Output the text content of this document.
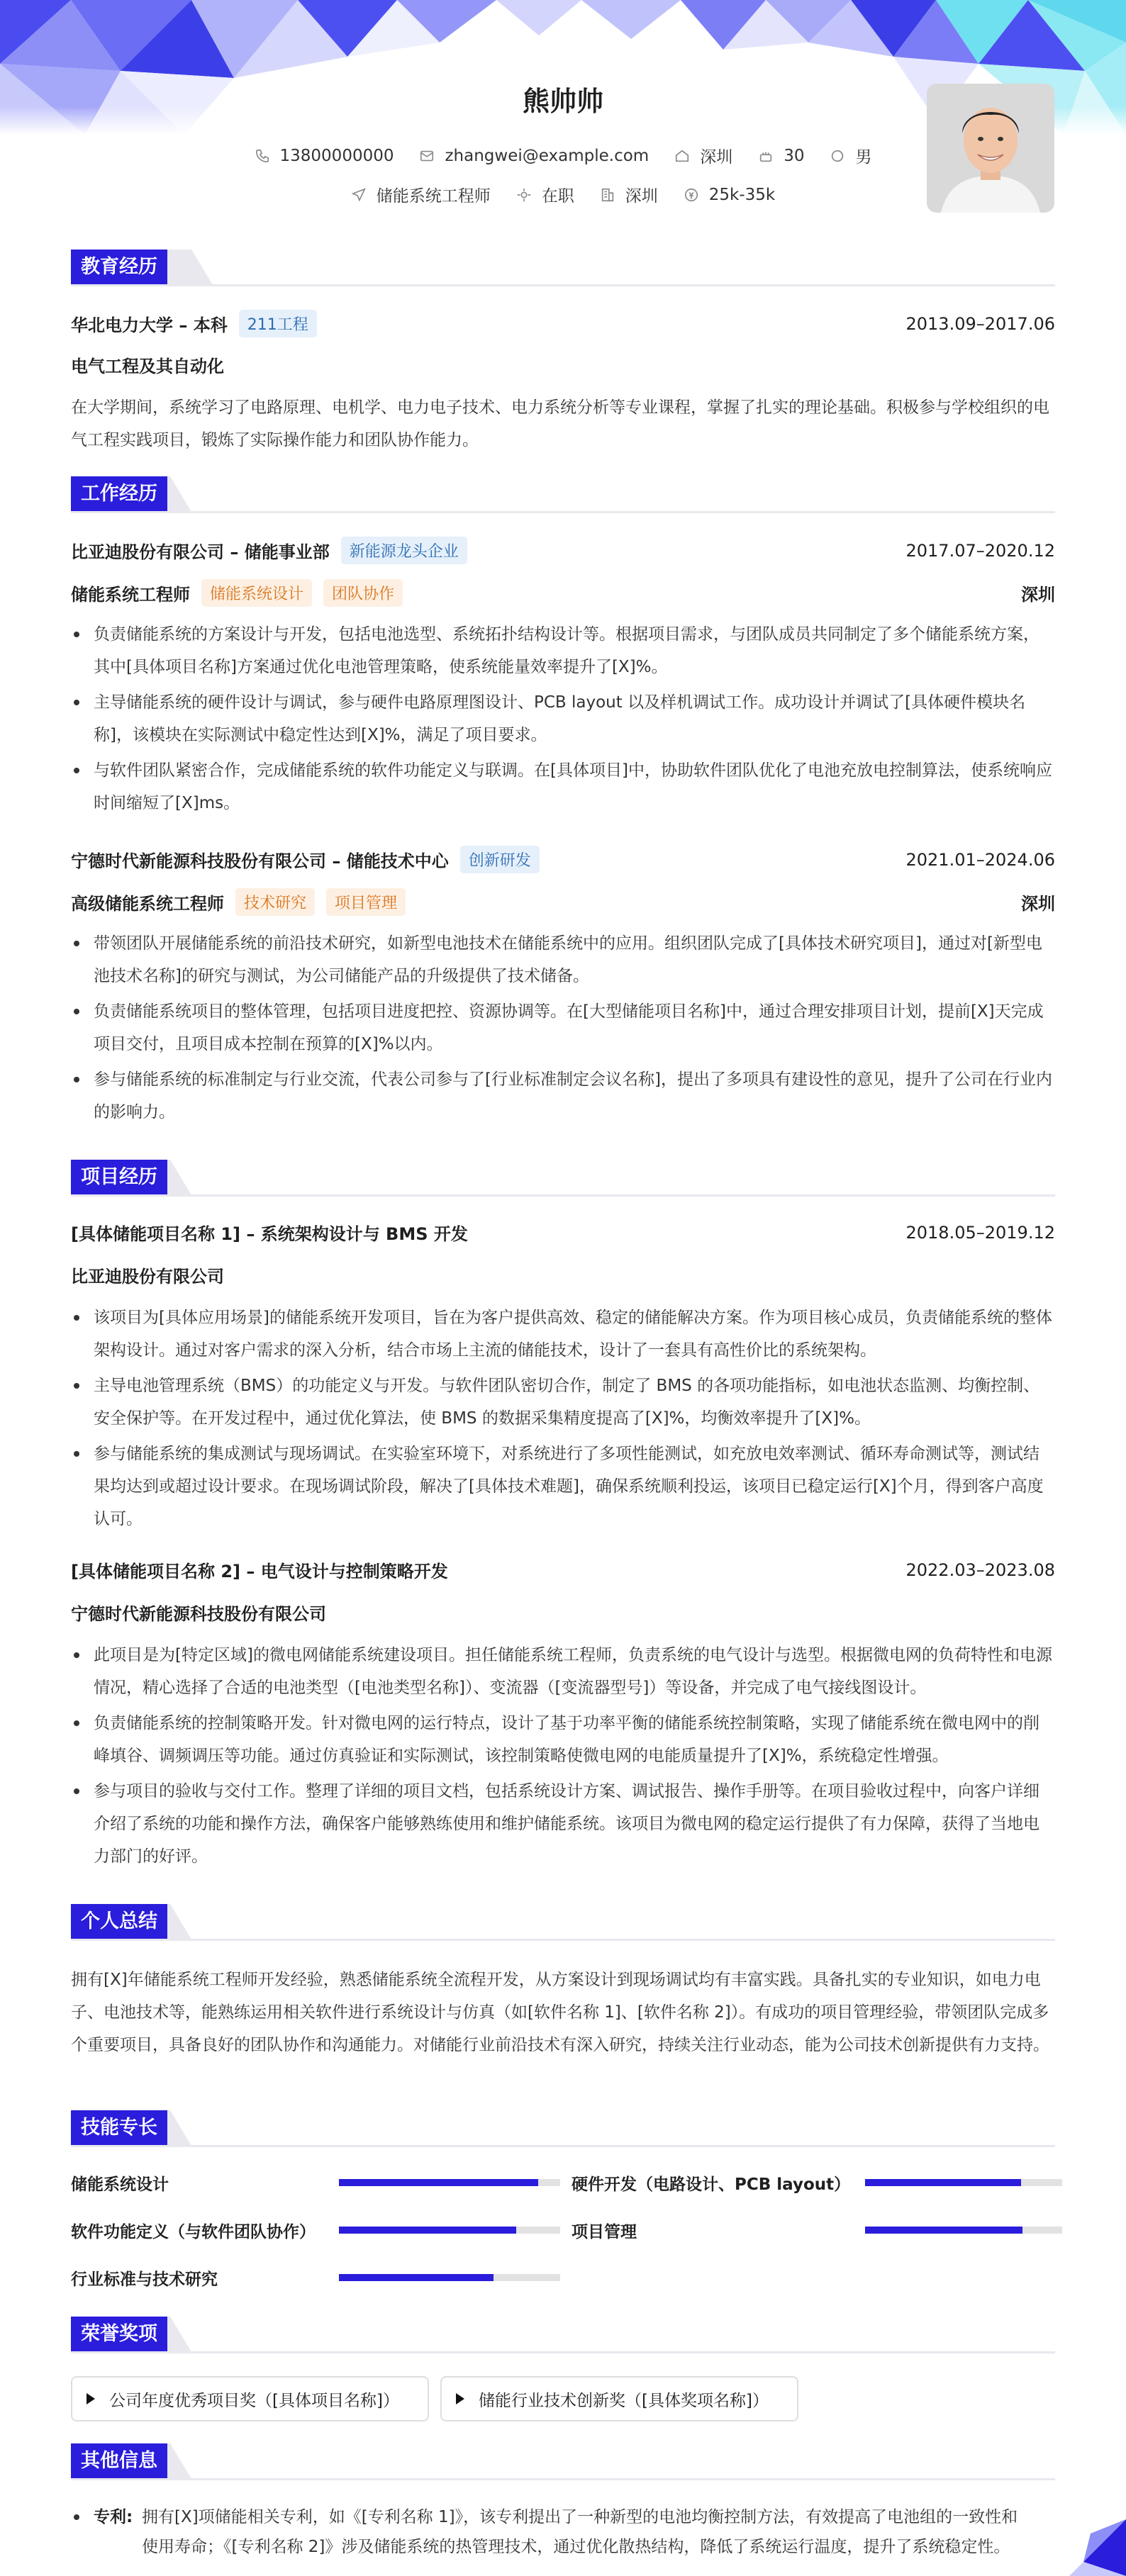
熊帅帅
13800000000	zhangwei@example.com	深圳	30	男
储能系统工程师	在职	深圳	25k-35k
教育经历
华北电力大学 – 本科	211工程	2013.09–2017.06
电气工程及其自动化
在大学期间，系统学习了电路原理、电机学、电力电子技术、电力系统分析等专业课程，掌握了扎实的理论基础。积极参与学校组织的电气工程实践项目，锻炼了实际操作能力和团队协作能力。
工作经历
比亚迪股份有限公司 – 储能事业部	新能源龙头企业	2017.07–2020.12
储能系统工程师	储能系统设计	团队协作	深圳
负责储能系统的方案设计与开发，包括电池选型、系统拓扑结构设计等。根据项目需求，与团队成员共同制定了多个储能系统方案，其中[具体项目名称]方案通过优化电池管理策略，使系统能量效率提升了[X]%。
主导储能系统的硬件设计与调试，参与硬件电路原理图设计、PCB layout 以及样机调试工作。成功设计并调试了[具体硬件模块名称]，该模块在实际测试中稳定性达到[X]%，满足了项目要求。
与软件团队紧密合作，完成储能系统的软件功能定义与联调。在[具体项目]中，协助软件团队优化了电池充放电控制算法，使系统响应时间缩短了[X]ms。
宁德时代新能源科技股份有限公司 – 储能技术中心	创新研发	2021.01–2024.06
高级储能系统工程师	技术研究	项目管理	深圳
带领团队开展储能系统的前沿技术研究，如新型电池技术在储能系统中的应用。组织团队完成了[具体技术研究项目]，通过对[新型电池技术名称]的研究与测试，为公司储能产品的升级提供了技术储备。
负责储能系统项目的整体管理，包括项目进度把控、资源协调等。在[大型储能项目名称]中，通过合理安排项目计划，提前[X]天完成项目交付，且项目成本控制在预算的[X]%以内。
参与储能系统的标准制定与行业交流，代表公司参与了[行业标准制定会议名称]，提出了多项具有建设性的意见，提升了公司在行业内的影响力。
项目经历
[具体储能项目名称 1] – 系统架构设计与 BMS 开发	2018.05–2019.12
比亚迪股份有限公司
该项目为[具体应用场景]的储能系统开发项目，旨在为客户提供高效、稳定的储能解决方案。作为项目核心成员，负责储能系统的整体架构设计。通过对客户需求的深入分析，结合市场上主流的储能技术，设计了一套具有高性价比的系统架构。
主导电池管理系统（BMS）的功能定义与开发。与软件团队密切合作，制定了 BMS 的各项功能指标，如电池状态监测、均衡控制、安全保护等。在开发过程中，通过优化算法，使 BMS 的数据采集精度提高了[X]%，均衡效率提升了[X]%。
参与储能系统的集成测试与现场调试。在实验室环境下，对系统进行了多项性能测试，如充放电效率测试、循环寿命测试等，测试结果均达到或超过设计要求。在现场调试阶段，解决了[具体技术难题]，确保系统顺利投运，该项目已稳定运行[X]个月，得到客户高度认可。
[具体储能项目名称 2] – 电气设计与控制策略开发	2022.03–2023.08
宁德时代新能源科技股份有限公司
此项目是为[特定区域]的微电网储能系统建设项目。担任储能系统工程师，负责系统的电气设计与选型。根据微电网的负荷特性和电源情况，精心选择了合适的电池类型（[电池类型名称]）、变流器（[变流器型号]）等设备，并完成了电气接线图设计。
负责储能系统的控制策略开发。针对微电网的运行特点，设计了基于功率平衡的储能系统控制策略，实现了储能系统在微电网中的削峰填谷、调频调压等功能。通过仿真验证和实际测试，该控制策略使微电网的电能质量提升了[X]%，系统稳定性增强。
参与项目的验收与交付工作。整理了详细的项目文档，包括系统设计方案、调试报告、操作手册等。在项目验收过程中，向客户详细介绍了系统的功能和操作方法，确保客户能够熟练使用和维护储能系统。该项目为微电网的稳定运行提供了有力保障，获得了当地电力部门的好评。
个人总结
拥有[X]年储能系统工程师开发经验，熟悉储能系统全流程开发，从方案设计到现场调试均有丰富实践。具备扎实的专业知识，如电力电子、电池技术等，能熟练运用相关软件进行系统设计与仿真（如[软件名称 1]、[软件名称 2]）。有成功的项目管理经验，带领团队完成多个重要项目，具备良好的团队协作和沟通能力。对储能行业前沿技术有深入研究，持续关注行业动态，能为公司技术创新提供有力支持。
技能专长
储能系统设计	硬件开发（电路设计、PCB layout）
软件功能定义（与软件团队协作）	项目管理
行业标准与技术研究
荣誉奖项
公司年度优秀项目奖（[具体项目名称]）	储能行业技术创新奖（[具体奖项名称]）
其他信息
专利: 拥有[X]项储能相关专利，如《[专利名称 1]》，该专利提出了一种新型的电池均衡控制方法，有效提高了电池组的一致性和
使用寿命；《[专利名称 2]》涉及储能系统的热管理技术，通过优化散热结构，降低了系统运行温度，提升了系统稳定性。
